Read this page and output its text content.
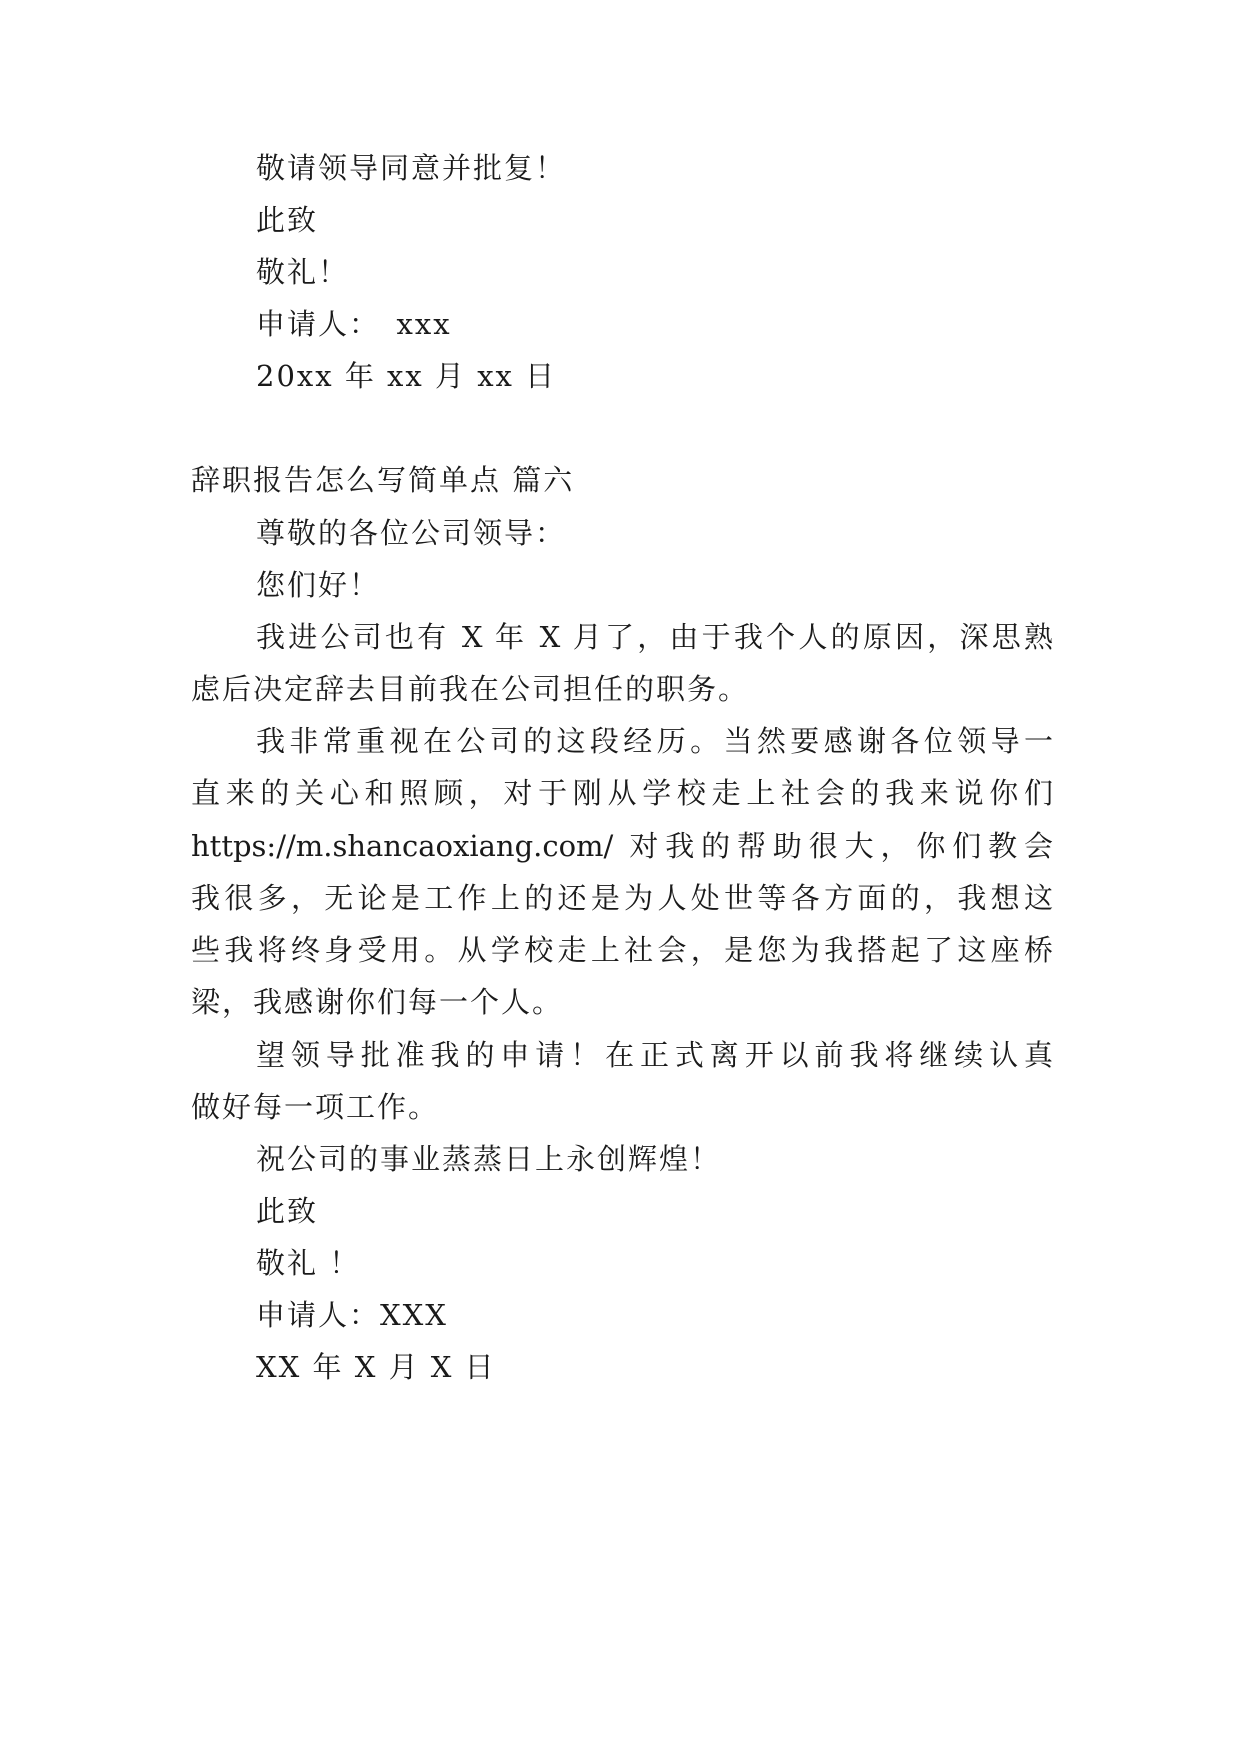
敬请领导同意并批复！
此致
敬礼！
申请人：　xxx
20xx 年 xx 月 xx 日
辞职报告怎么写简单点 篇六
尊敬的各位公司领导：
您们好！
我进公司也有 X 年 X 月了，由于我个人的原因，深思熟
虑后决定辞去目前我在公司担任的职务。
我非常重视在公司的这段经历。当然要感谢各位领导一
直来的关心和照顾，对于刚从学校走上社会的我来说你们
https://m.shancaoxiang.com/ 对我的帮助很大，你们教会
我很多，无论是工作上的还是为人处世等各方面的，我想这
些我将终身受用。从学校走上社会，是您为我搭起了这座桥
梁，我感谢你们每一个人。
望领导批准我的申请！在正式离开以前我将继续认真
做好每一项工作。
祝公司的事业蒸蒸日上永创辉煌！
此致
敬礼 ！
申请人：XXX
XX 年 X 月 X 日
